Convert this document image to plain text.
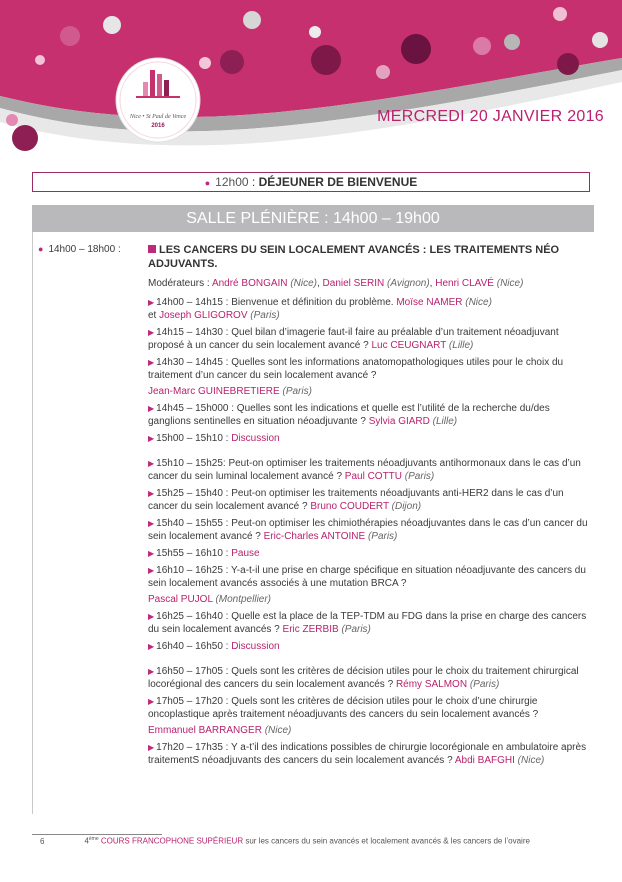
Nice • St Paul de Vence
2016
MERCREDI 20 JANVIER 2016
● 12h00 : DÉJEUNER DE BIENVENUE
SALLE PLÉNIÈRE : 14h00 – 19h00
● 14h00 – 18h00 :	LES CANCERS DU SEIN LOCALEMENT AVANCÉS : LES TRAITEMENTS NÉO ADJUVANTS.
Modérateurs : André BONGAIN (Nice), Daniel SERIN (Avignon), Henri CLAVÉ (Nice)
▶ 14h00 – 14h15 : Bienvenue et définition du problème. Moïse NAMER (Nice)
et Joseph GLIGOROV (Paris)
▶ 14h15 – 14h30 : Quel bilan d’imagerie faut-il faire au préalable d’un traitement néoadjuvant proposé à un cancer du sein localement avancé ? Luc CEUGNART (Lille)
▶ 14h30 – 14h45 : Quelles sont les informations anatomopathologiques utiles pour le choix du traitement d’un cancer du sein localement avancé ?
Jean-Marc GUINEBRETIERE (Paris)
▶ 14h45 – 15h000 : Quelles sont les indications et quelle est l’utilité de la recherche du/des ganglions sentinelles en situation néoadjuvante ? Sylvia GIARD (Lille)
▶ 15h00 – 15h10 : Discussion
▶ 15h10 – 15h25: Peut-on optimiser les traitements néoadjuvants antihormonaux dans le cas d’un cancer du sein luminal localement avancé ? Paul COTTU (Paris)
▶ 15h25 – 15h40 : Peut-on optimiser les traitements néoadjuvants anti-HER2 dans le cas d’un cancer du sein localement avancé ? Bruno COUDERT (Dijon)
▶ 15h40 – 15h55 : Peut-on optimiser les chimiothérapies néoadjuvantes dans le cas d’un cancer du sein localement avancé ? Eric-Charles ANTOINE (Paris)
▶ 15h55 – 16h10 : Pause
▶ 16h10 – 16h25 : Y-a-t-il une prise en charge spécifique en situation néoadjuvante des cancers du sein localement avancés associés à une mutation BRCA ?
Pascal PUJOL (Montpellier)
▶ 16h25 – 16h40 : Quelle est la place de la TEP-TDM au FDG dans la prise en charge des cancers du sein localement avancés ? Eric ZERBIB (Paris)
▶ 16h40 – 16h50 : Discussion
▶ 16h50 – 17h05 : Quels sont les critères de décision utiles pour le choix du traitement chirurgical locorégional des cancers du sein localement avancés ? Rémy SALMON (Paris)
▶ 17h05 – 17h20 : Quels sont les critères de décision utiles pour le choix d’une chirurgie oncoplastique après traitement néoadjuvants des cancers du sein localement avancés ?
Emmanuel BARRANGER (Nice)
▶ 17h20 – 17h35 : Y a-t’il des indications possibles de chirurgie locorégionale en ambulatoire après traitementS néoadjuvants des cancers du sein localement avancés ? Abdi BAFGHI (Nice)
6	4ème COURS FRANCOPHONE SUPÉRIEUR sur les cancers du sein avancés et localement avancés & les cancers de l’ovaire
